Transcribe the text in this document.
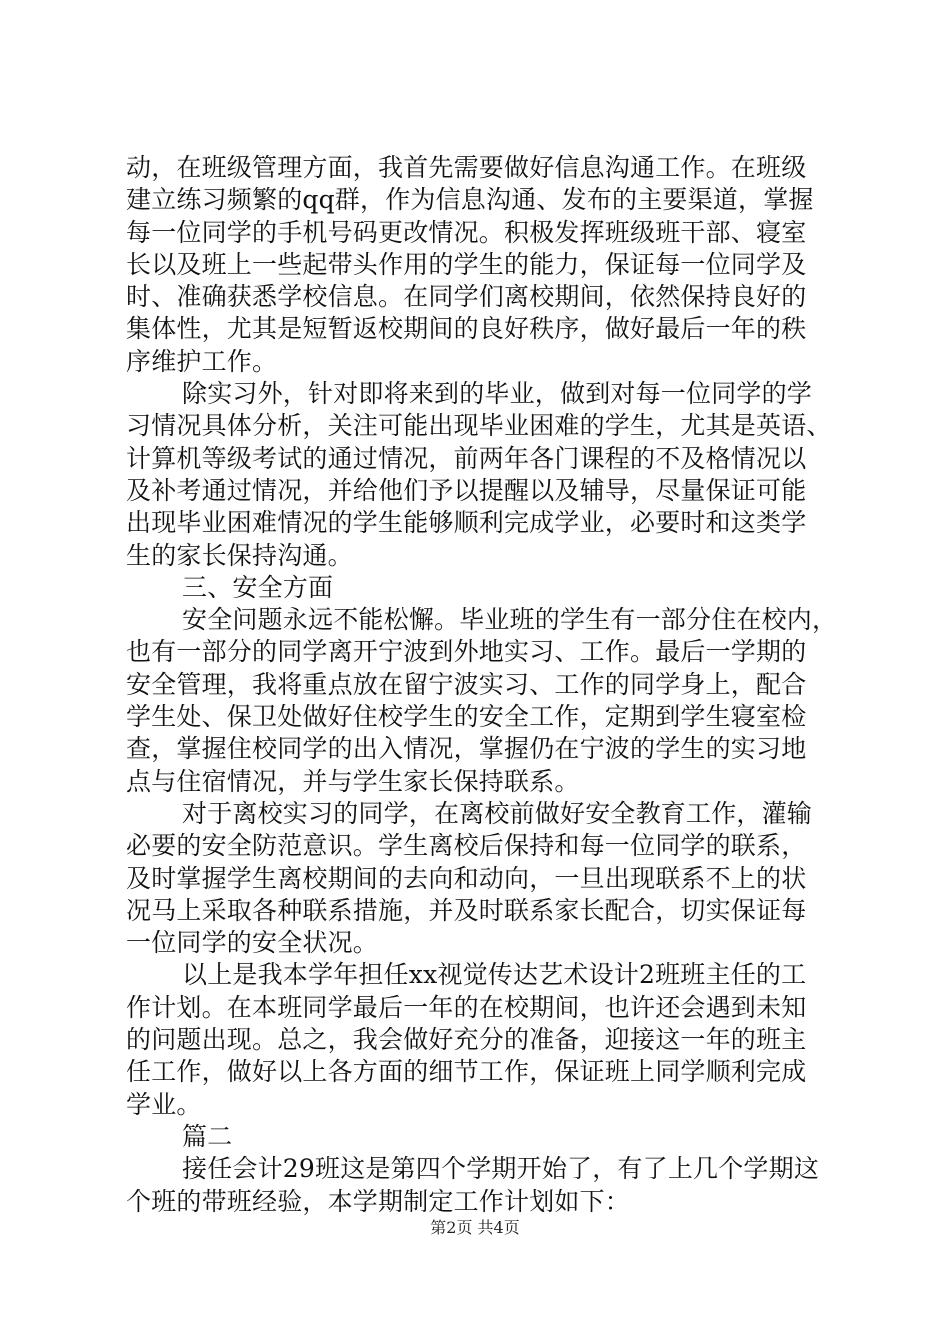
动，在班级管理方面，我首先需要做好信息沟通工作。在班级
建立练习频繁的qq群，作为信息沟通、发布的主要渠道，掌握
每一位同学的手机号码更改情况。积极发挥班级班干部、寝室
长以及班上一些起带头作用的学生的能力，保证每一位同学及
时、准确获悉学校信息。在同学们离校期间，依然保持良好的
集体性，尤其是短暂返校期间的良好秩序，做好最后一年的秩
序维护工作。
除实习外，针对即将来到的毕业，做到对每一位同学的学
习情况具体分析，关注可能出现毕业困难的学生，尤其是英语、
计算机等级考试的通过情况，前两年各门课程的不及格情况以
及补考通过情况，并给他们予以提醒以及辅导，尽量保证可能
出现毕业困难情况的学生能够顺利完成学业，必要时和这类学
生的家长保持沟通。
三、安全方面
安全问题永远不能松懈。毕业班的学生有一部分住在校内，
也有一部分的同学离开宁波到外地实习、工作。最后一学期的
安全管理，我将重点放在留宁波实习、工作的同学身上，配合
学生处、保卫处做好住校学生的安全工作，定期到学生寝室检
查，掌握住校同学的出入情况，掌握仍在宁波的学生的实习地
点与住宿情况，并与学生家长保持联系。
对于离校实习的同学，在离校前做好安全教育工作，灌输
必要的安全防范意识。学生离校后保持和每一位同学的联系，
及时掌握学生离校期间的去向和动向，一旦出现联系不上的状
况马上采取各种联系措施，并及时联系家长配合，切实保证每
一位同学的安全状况。
以上是我本学年担任xx视觉传达艺术设计2班班主任的工
作计划。在本班同学最后一年的在校期间，也许还会遇到未知
的问题出现。总之，我会做好充分的准备，迎接这一年的班主
任工作，做好以上各方面的细节工作，保证班上同学顺利完成
学业。
篇二
接任会计29班这是第四个学期开始了，有了上几个学期这
个班的带班经验，本学期制定工作计划如下：
第2页 共4页
